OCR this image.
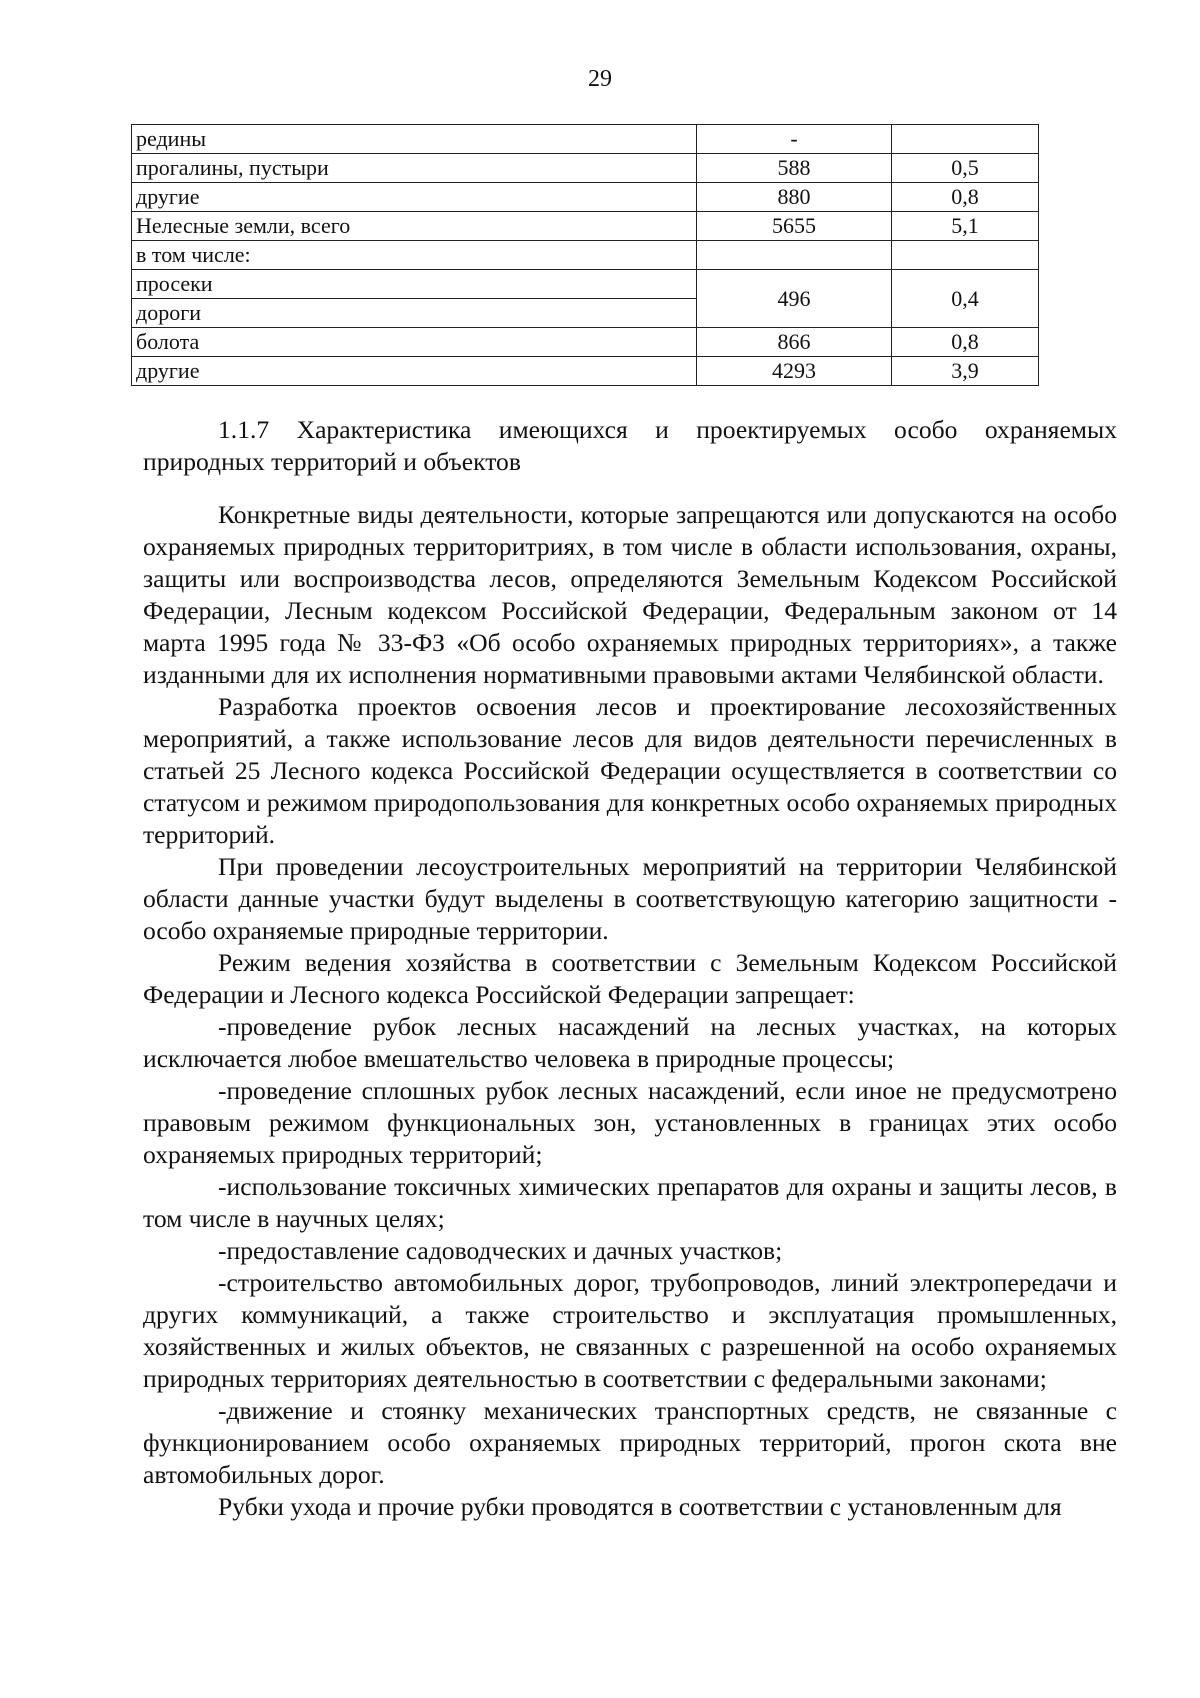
29
редины	-	
прогалины, пустыри	588	0,5
другие	880	0,8
Нелесные земли, всего	5655	5,1
в том числе:		
просеки	496	0,4
дороги		
болота	866	0,8
другие	4293	3,9
1.1.7 Характеристика имеющихся и проектируемых особо охраняемых природных территорий и объектов

Конкретные виды деятельности, которые запрещаются или допускаются на особо охраняемых природных территоритриях, в том числе в области использования, охраны, защиты или воспроизводства лесов, определяются Земельным Кодексом Российской Федерации, Лесным кодексом Российской Федерации, Федеральным законом от 14 марта 1995 года № 33-ФЗ «Об особо охраняемых природных территориях», а также изданными для их исполнения нормативными правовыми актами Челябинской области.

Разработка проектов освоения лесов и проектирование лесохозяйственных мероприятий, а также использование лесов для видов деятельности перечисленных в статьей 25 Лесного кодекса Российской Федерации осуществляется в соответствии со статусом и режимом природопользования для конкретных особо охраняемых природных территорий.

При проведении лесоустроительных мероприятий на территории Челябинской области данные участки будут выделены в соответствующую категорию защитности - особо охраняемые природные территории.

Режим ведения хозяйства в соответствии с Земельным Кодексом Российской Федерации и Лесного кодекса Российской Федерации запрещает:

-проведение рубок лесных насаждений на лесных участках, на которых исключается любое вмешательство человека в природные процессы;

-проведение сплошных рубок лесных насаждений, если иное не предусмотрено правовым режимом функциональных зон, установленных в границах этих особо охраняемых природных территорий;

-использование токсичных химических препаратов для охраны и защиты лесов, в том числе в научных целях;

-предоставление садоводческих и дачных участков;

-строительство автомобильных дорог, трубопроводов, линий электропередачи и других коммуникаций, а также строительство и эксплуатация промышленных, хозяйственных и жилых объектов, не связанных с разрешенной на особо охраняемых природных территориях деятельностью в соответствии с федеральными законами;

-движение и стоянку механических транспортных средств, не связанные с функционированием особо охраняемых природных территорий, прогон скота вне автомобильных дорог.

Рубки ухода и прочие рубки проводятся в соответствии с установленным для
